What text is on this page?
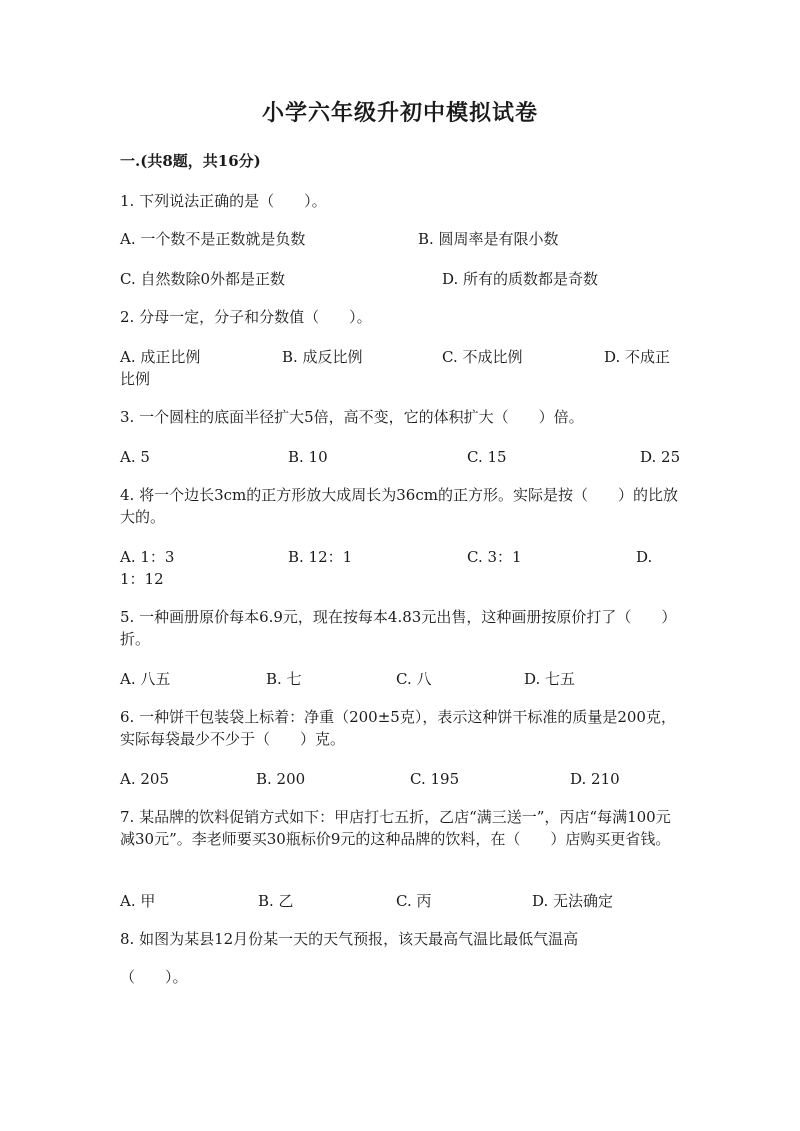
小学六年级升初中模拟试卷
一.(共8题，共16分)
1. 下列说法正确的是（　　）。
A. 一个数不是正数就是负数	B. 圆周率是有限小数
C. 自然数除0外都是正数	D. 所有的质数都是奇数
2. 分母一定，分子和分数值（　　）。
A. 成正比例	B. 成反比例	C. 不成比例	D. 不成正比例
3. 一个圆柱的底面半径扩大5倍，高不变，它的体积扩大（　　）倍。
A. 5	B. 10	C. 15	D. 25
4. 将一个边长3cm的正方形放大成周长为36cm的正方形。实际是按（　　）的比放大的。
A. 1：3	B. 12：1	C. 3：1	D. 1：12
5. 一种画册原价每本6.9元，现在按每本4.83元出售，这种画册按原价打了（　　）折。
A. 八五	B. 七	C. 八	D. 七五
6. 一种饼干包装袋上标着：净重（200±5克），表示这种饼干标准的质量是200克，实际每袋最少不少于（　　）克。
A. 205	B. 200	C. 195	D. 210
7. 某品牌的饮料促销方式如下：甲店打七五折，乙店“满三送一”，丙店“每满100元减30元”。李老师要买30瓶标价9元的这种品牌的饮料，在（　　）店购买更省钱。
A. 甲	B. 乙	C. 丙	D. 无法确定
8. 如图为某县12月份某一天的天气预报，该天最高气温比最低气温高
（　　）。
